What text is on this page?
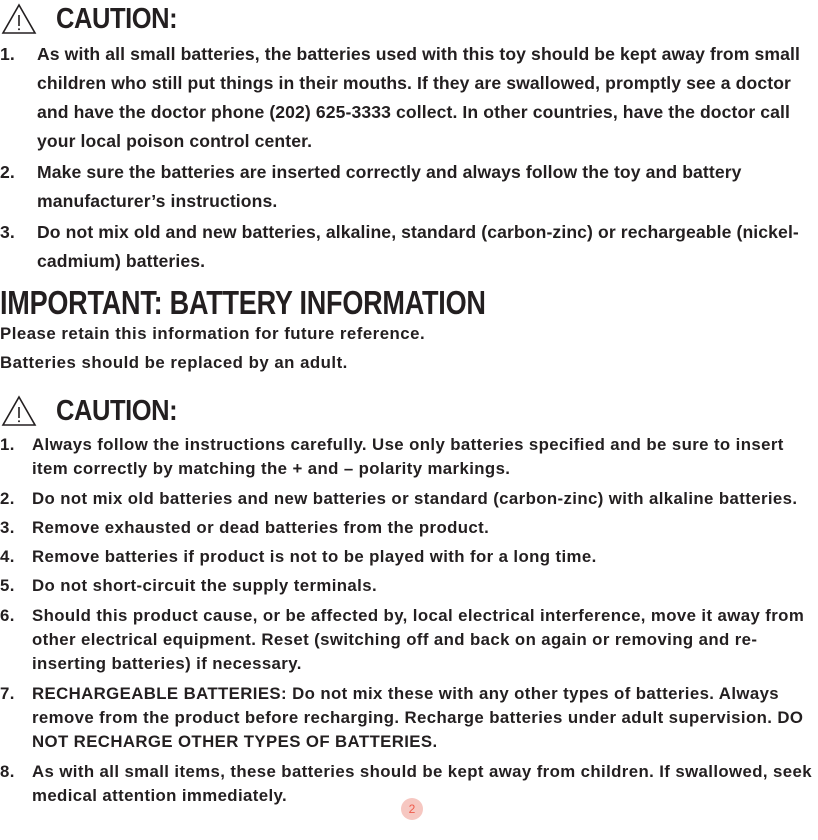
CAUTION:
1.	As with all small batteries, the batteries used with this toy should be kept away from small children who still put things in their mouths. If they are swallowed, promptly see a doctor and have the doctor phone (202) 625-3333 collect. In other countries, have the doctor call your local poison control center.
2.	Make sure the batteries are inserted correctly and always follow the toy and battery manufacturer’s instructions.
3.	Do not mix old and new batteries, alkaline, standard (carbon-zinc) or rechargeable (nickel-cadmium) batteries.
IMPORTANT: BATTERY INFORMATION
Please retain this information for future reference.
Batteries should be replaced by an adult.
CAUTION:
1.	Always follow the instructions carefully. Use only batteries specified and be sure to insert item correctly by matching the + and – polarity markings.
2.	Do not mix old batteries and new batteries or standard (carbon-zinc) with alkaline batteries.
3.	Remove exhausted or dead batteries from the product.
4.	Remove batteries if product is not to be played with for a long time.
5.	Do not short-circuit the supply terminals.
6.	Should this product cause, or be affected by, local electrical interference, move it away from other electrical equipment. Reset (switching off and back on again or removing and re-inserting batteries) if necessary.
7.	RECHARGEABLE BATTERIES: Do not mix these with any other types of batteries. Always remove from the product before recharging. Recharge batteries under adult supervision. DO NOT RECHARGE OTHER TYPES OF BATTERIES.
8.	As with all small items, these batteries should be kept away from children. If swallowed, seek medical attention immediately.
2
